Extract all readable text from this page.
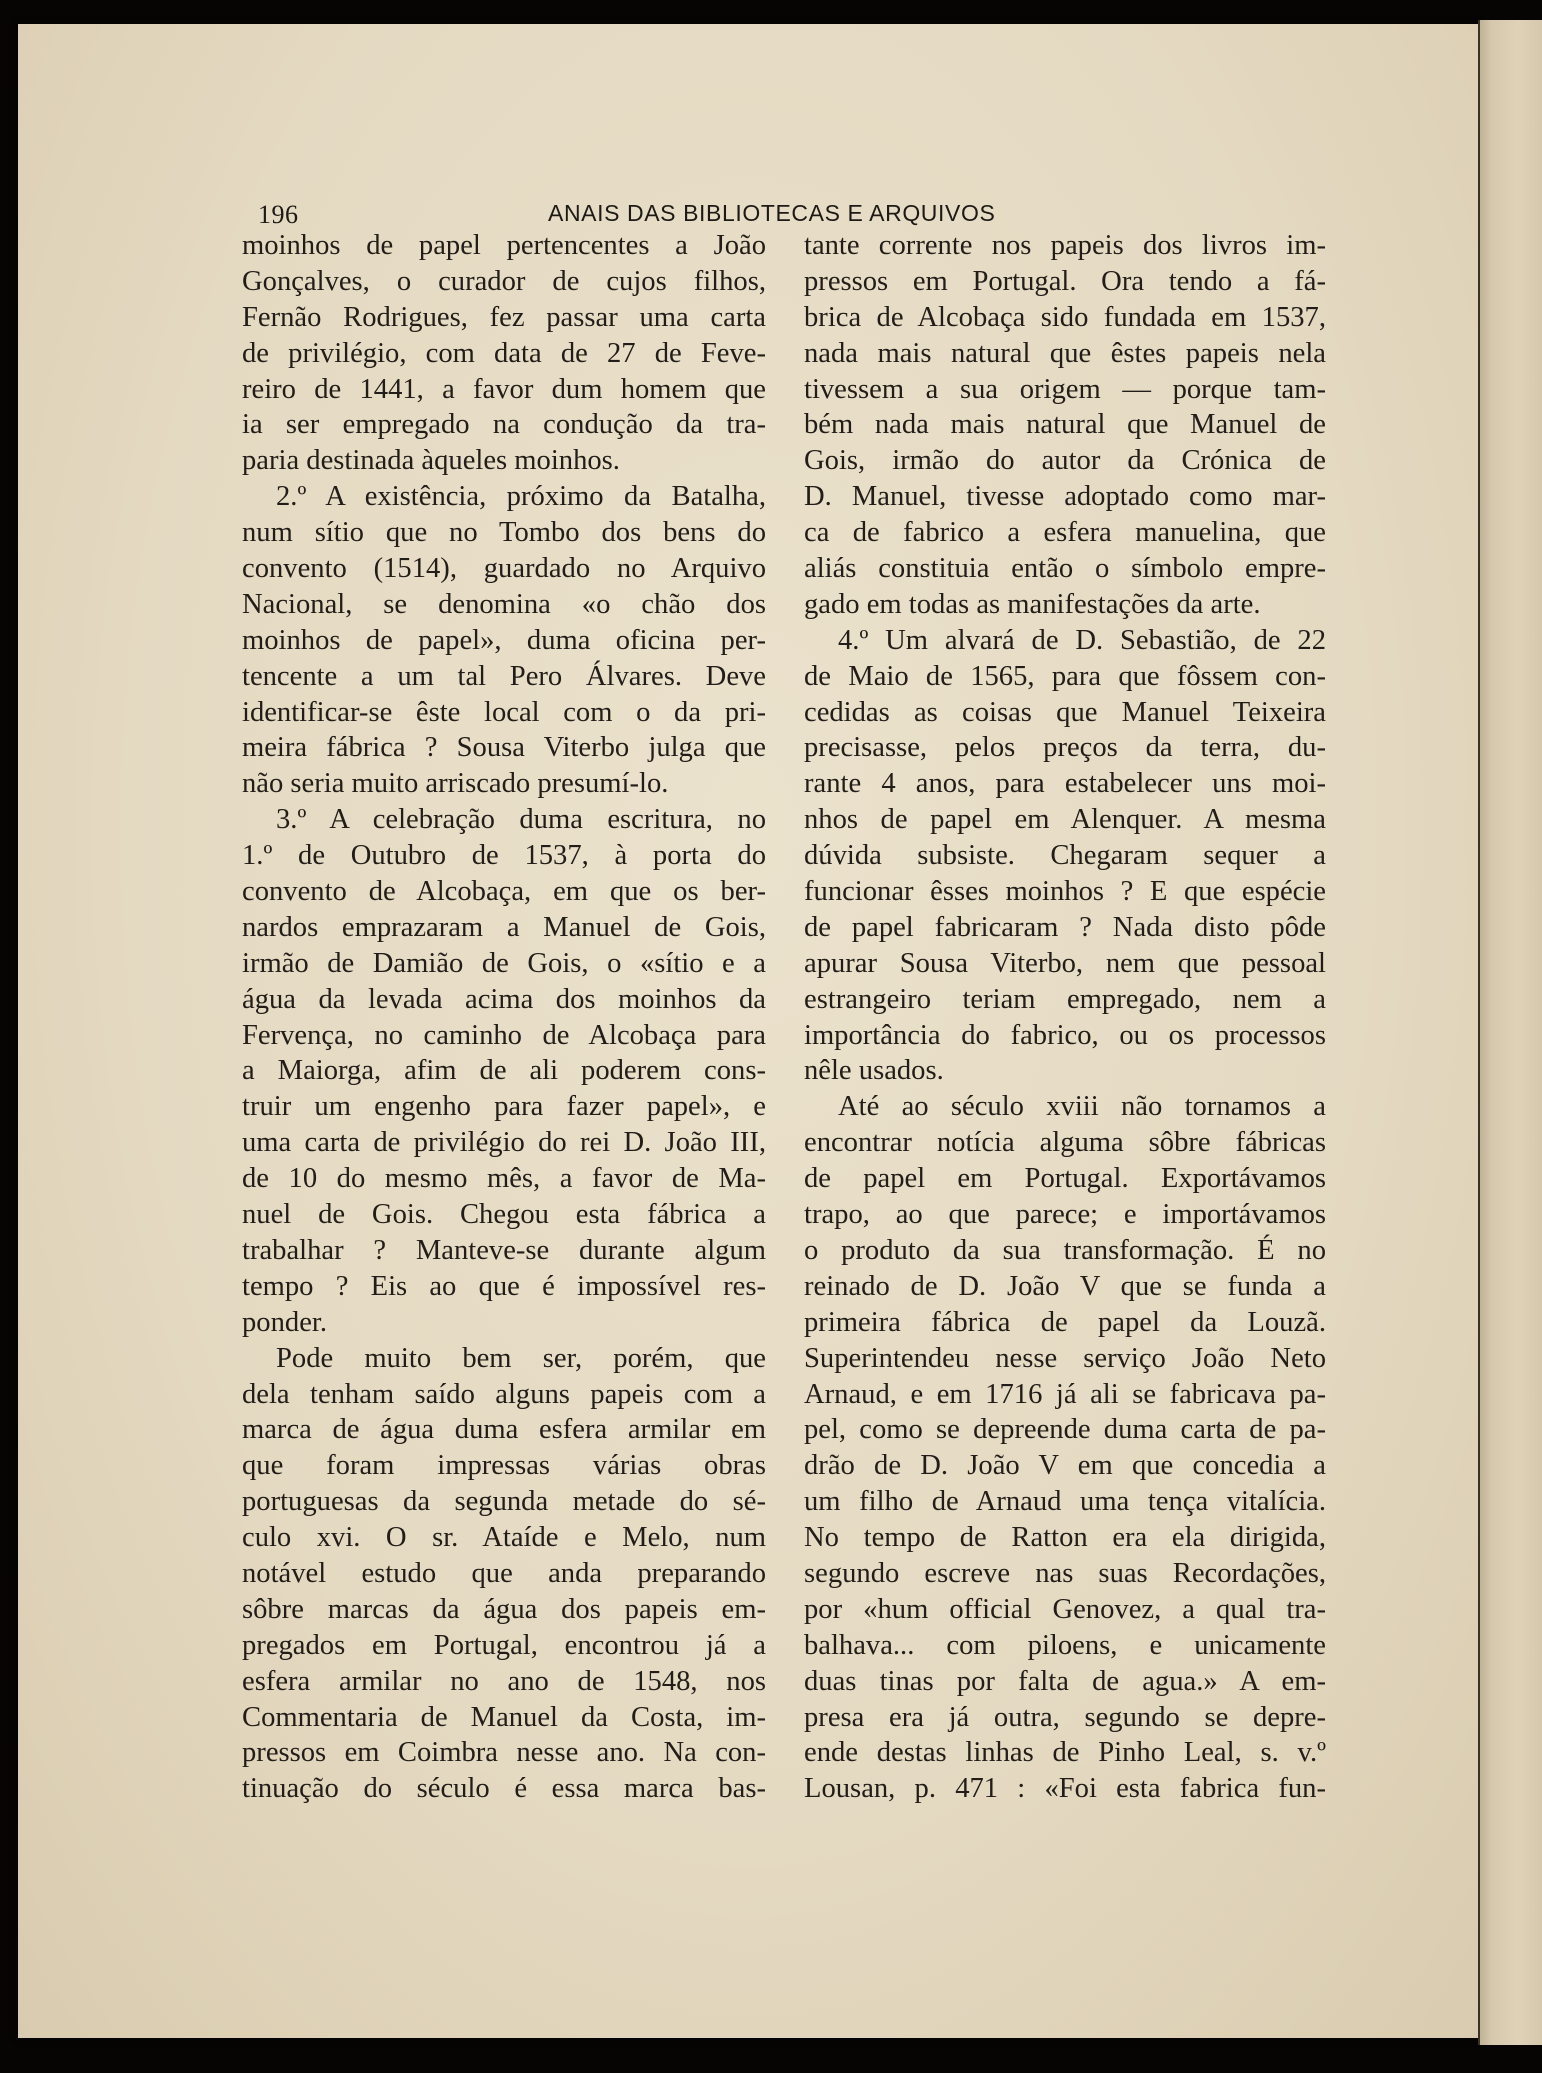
196	ANAIS DAS BIBLIOTECAS E ARQUIVOS
moinhos de papel pertencentes a João
Gonçalves, o curador de cujos filhos,
Fernão Rodrigues, fez passar uma carta
de privilégio, com data de 27 de Feve-
reiro de 1441, a favor dum homem que
ia ser empregado na condução da tra-
paria destinada àqueles moinhos.
2.º A existência, próximo da Batalha,
num sítio que no Tombo dos bens do
convento (1514), guardado no Arquivo
Nacional, se denomina «o chão dos
moinhos de papel», duma oficina per-
tencente a um tal Pero Álvares. Deve
identificar-se êste local com o da pri-
meira fábrica ? Sousa Viterbo julga que
não seria muito arriscado presumí-lo.
3.º A celebração duma escritura, no
1.º de Outubro de 1537, à porta do
convento de Alcobaça, em que os ber-
nardos emprazaram a Manuel de Gois,
irmão de Damião de Gois, o «sítio e a
água da levada acima dos moinhos da
Fervença, no caminho de Alcobaça para
a Maiorga, afim de ali poderem cons-
truir um engenho para fazer papel», e
uma carta de privilégio do rei D. João III,
de 10 do mesmo mês, a favor de Ma-
nuel de Gois. Chegou esta fábrica a
trabalhar ? Manteve-se durante algum
tempo ? Eis ao que é impossível res-
ponder.
Pode muito bem ser, porém, que
dela tenham saído alguns papeis com a
marca de água duma esfera armilar em
que foram impressas várias obras
portuguesas da segunda metade do sé-
culo xvi. O sr. Ataíde e Melo, num
notável estudo que anda preparando
sôbre marcas da água dos papeis em-
pregados em Portugal, encontrou já a
esfera armilar no ano de 1548, nos
Commentaria de Manuel da Costa, im-
pressos em Coimbra nesse ano. Na con-
tinuação do século é essa marca bas-
tante corrente nos papeis dos livros im-
pressos em Portugal. Ora tendo a fá-
brica de Alcobaça sido fundada em 1537,
nada mais natural que êstes papeis nela
tivessem a sua origem — porque tam-
bém nada mais natural que Manuel de
Gois, irmão do autor da Crónica de
D. Manuel, tivesse adoptado como mar-
ca de fabrico a esfera manuelina, que
aliás constituia então o símbolo empre-
gado em todas as manifestações da arte.
4.º Um alvará de D. Sebastião, de 22
de Maio de 1565, para que fôssem con-
cedidas as coisas que Manuel Teixeira
precisasse, pelos preços da terra, du-
rante 4 anos, para estabelecer uns moi-
nhos de papel em Alenquer. A mesma
dúvida subsiste. Chegaram sequer a
funcionar êsses moinhos ? E que espécie
de papel fabricaram ? Nada disto pôde
apurar Sousa Viterbo, nem que pessoal
estrangeiro teriam empregado, nem a
importância do fabrico, ou os processos
nêle usados.
Até ao século xviii não tornamos a
encontrar notícia alguma sôbre fábricas
de papel em Portugal. Exportávamos
trapo, ao que parece; e importávamos
o produto da sua transformação. É no
reinado de D. João V que se funda a
primeira fábrica de papel da Louzã.
Superintendeu nesse serviço João Neto
Arnaud, e em 1716 já ali se fabricava pa-
pel, como se depreende duma carta de pa-
drão de D. João V em que concedia a
um filho de Arnaud uma tença vitalícia.
No tempo de Ratton era ela dirigida,
segundo escreve nas suas Recordações,
por «hum official Genovez, a qual tra-
balhava... com piloens, e unicamente
duas tinas por falta de agua.» A em-
presa era já outra, segundo se depre-
ende destas linhas de Pinho Leal, s. v.º
Lousan, p. 471 : «Foi esta fabrica fun-
